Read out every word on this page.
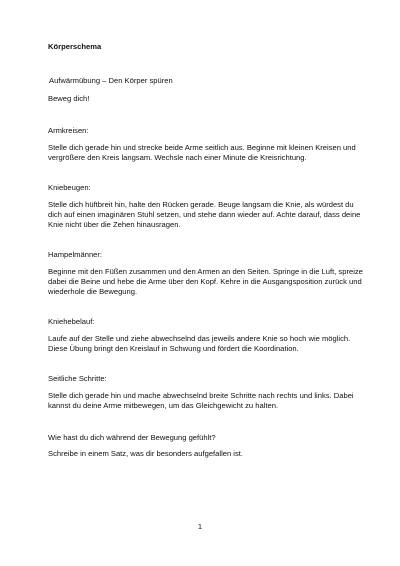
Körperschema

Aufwärmübung – Den Körper spüren

Beweg dich!

Armkreisen:

Stelle dich gerade hin und strecke beide Arme seitlich aus. Beginne mit kleinen Kreisen und vergrößere den Kreis langsam. Wechsle nach einer Minute die Kreisrichtung.

Kniebeugen:

Stelle dich hüftbreit hin, halte den Rücken gerade. Beuge langsam die Knie, als würdest du dich auf einen imaginären Stuhl setzen, und stehe dann wieder auf. Achte darauf, dass deine Knie nicht über die Zehen hinausragen.

Hampelmänner:

Beginne mit den Füßen zusammen und den Armen an den Seiten. Springe in die Luft, spreize dabei die Beine und hebe die Arme über den Kopf. Kehre in die Ausgangsposition zurück und wiederhole die Bewegung.

Kniehebelauf:

Laufe auf der Stelle und ziehe abwechselnd das jeweils andere Knie so hoch wie möglich. Diese Übung bringt den Kreislauf in Schwung und fördert die Koordination.

Seitliche Schritte:

Stelle dich gerade hin und mache abwechselnd breite Schritte nach rechts und links. Dabei kannst du deine Arme mitbewegen, um das Gleichgewicht zu halten.

Wie hast du dich während der Bewegung gefühlt?

Schreibe in einem Satz, was dir besonders aufgefallen ist.

1
